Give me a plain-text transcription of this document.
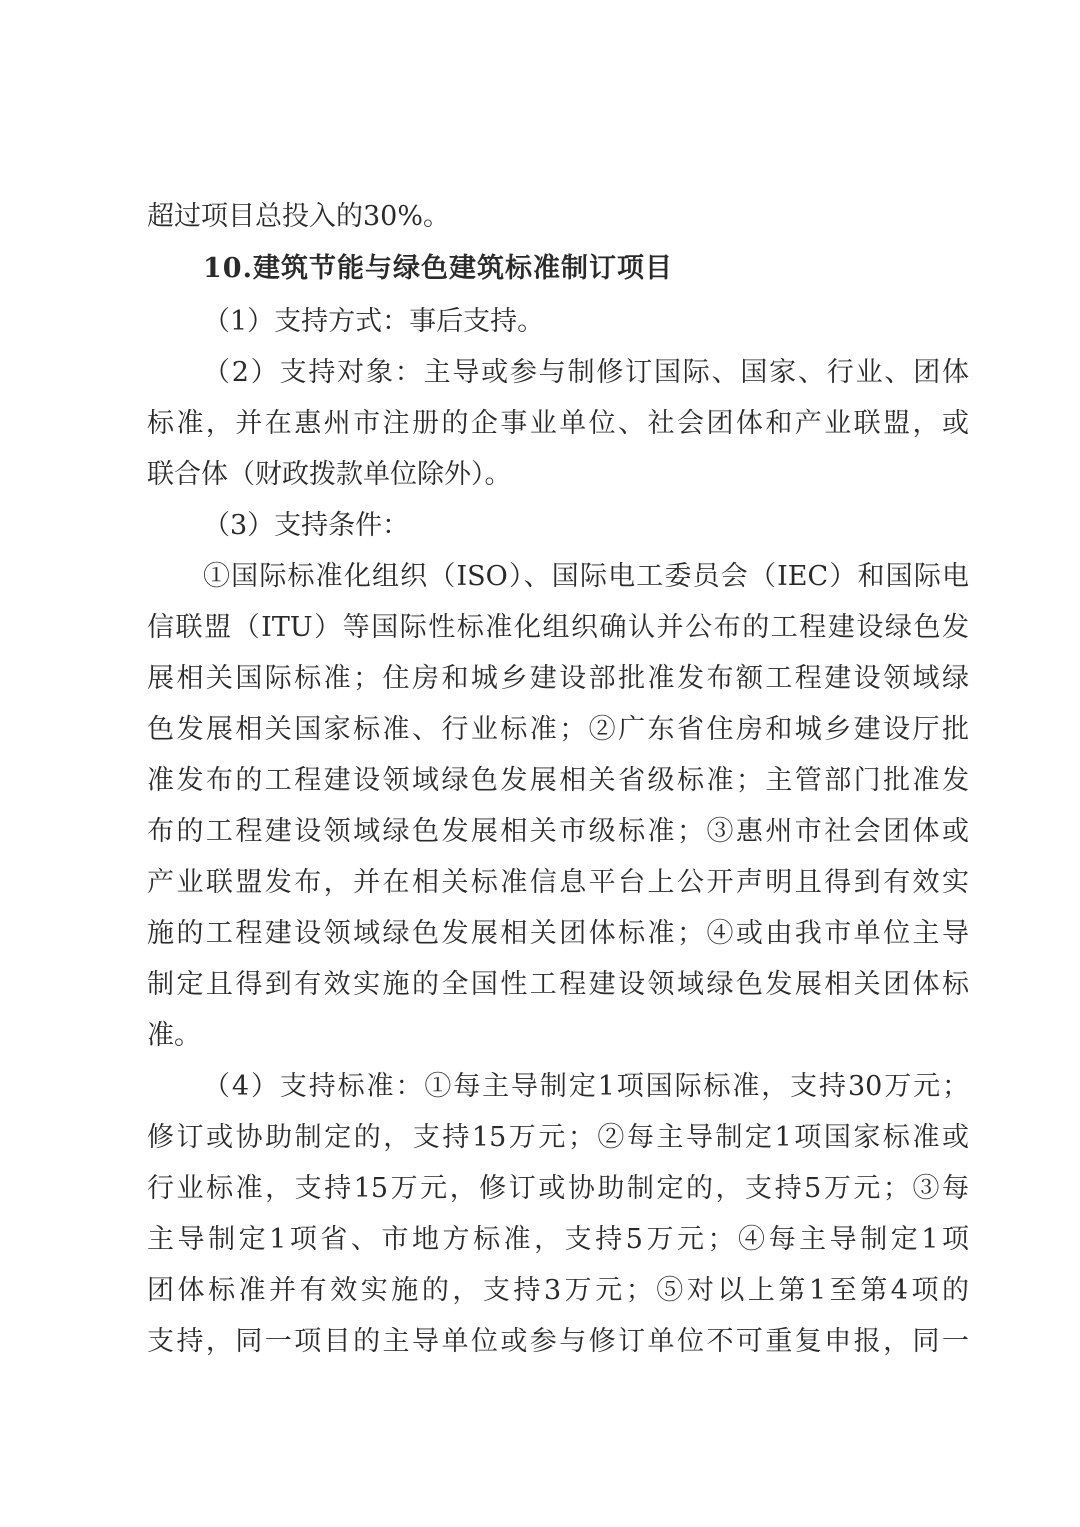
超过项目总投入的30%。
10.建筑节能与绿色建筑标准制订项目
（1）支持方式：事后支持。
（2）支持对象：主导或参与制修订国际、国家、行业、团体
标准，并在惠州市注册的企事业单位、社会团体和产业联盟，或
联合体（财政拨款单位除外）。
（3）支持条件：
①国际标准化组织（ISO）、国际电工委员会（IEC）和国际电
信联盟（ITU）等国际性标准化组织确认并公布的工程建设绿色发
展相关国际标准；住房和城乡建设部批准发布额工程建设领域绿
色发展相关国家标准、行业标准；②广东省住房和城乡建设厅批
准发布的工程建设领域绿色发展相关省级标准；主管部门批准发
布的工程建设领域绿色发展相关市级标准；③惠州市社会团体或
产业联盟发布，并在相关标准信息平台上公开声明且得到有效实
施的工程建设领域绿色发展相关团体标准；④或由我市单位主导
制定且得到有效实施的全国性工程建设领域绿色发展相关团体标
准。
（4）支持标准：①每主导制定1项国际标准，支持30万元；
修订或协助制定的，支持15万元；②每主导制定1项国家标准或
行业标准，支持15万元，修订或协助制定的，支持5万元；③每
主导制定1项省、市地方标准，支持5万元；④每主导制定1项
团体标准并有效实施的，支持3万元；⑤对以上第1至第4项的
支持，同一项目的主导单位或参与修订单位不可重复申报，同一
